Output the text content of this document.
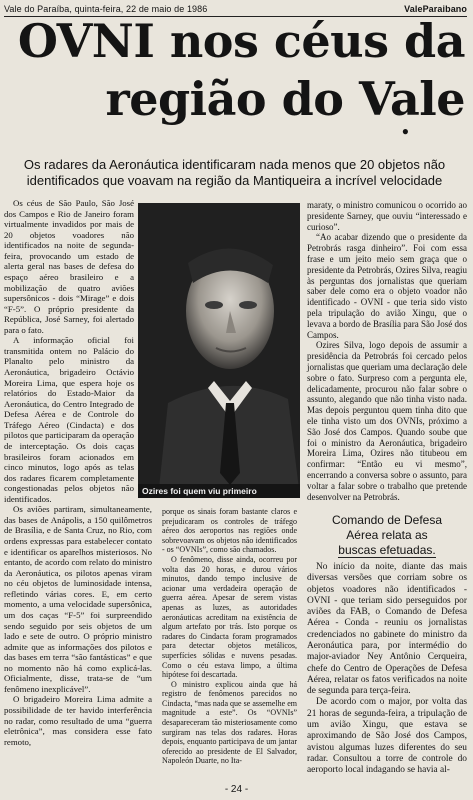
Vale do Paraíba, quinta-feira, 22 de maio de 1986	ValeParaibano
OVNI nos céus da
região do Vale
●
Os radares da Aeronáutica identificaram nada menos que 20 objetos não identificados que voavam na região da Mantiqueira a incrível velocidade

Os céus de São Paulo, São José dos Campos e Rio de Janeiro foram virtualmente invadidos por mais de 20 objetos voadores não identificados na noite de segunda-feira, provocando um estado de alerta geral nas bases de defesa do espaço aéreo brasileiro e a mobilização de quatro aviões supersônicos - dois “Mirage” e dois “F-5”. O próprio presidente da República, José Sarney, foi alertado para o fato.

A informação oficial foi transmitida ontem no Palácio do Planalto pelo ministro da Aeronáutica, brigadeiro Octávio Moreira Lima, que espera hoje os relatórios do Estado-Maior da Aeronáutica, do Centro Integrado de Defesa Aérea e de Controle do Tráfego Aéreo (Cindacta) e dos pilotos que participaram da operação de interceptação. Os dois caças brasileiros foram acionados em cinco minutos, logo após as telas dos radares ficarem completamente congestionadas pelos objetos não identificados.

Os aviões partiram, simultaneamente, das bases de Anápolis, a 150 quilômetros de Brasília, e de Santa Cruz, no Rio, com ordens expressas para estabelecer contato e identificar os aparelhos misteriosos. No entanto, de acordo com relato do ministro da Aeronáutica, os pilotos apenas viram no céu objetos de luminosidade intensa, refletindo várias cores. E, em certo momento, a uma velocidade supersônica, um dos caças “F-5” foi surpreendido sendo seguido por seis objetos de um lado e sete de outro. O próprio ministro admite que as informações dos pilotos e das bases em terra “são fantásticas” e que no momento não há como explicá-las. Oficialmente, disse, trata-se de “um fenômeno inexplicável”.

O brigadeiro Moreira Lima admite a possibilidade de ter havido interferência no radar, como resultado de uma “guerra eletrônica”, mas considera esse fato remoto,

Ozires foi quem viu primeiro

porque os sinais foram bastante claros e prejudicaram os controles de tráfego aéreo dos aeroportos nas regiões onde sobrevoavam os objetos não identificados - os “OVNIs”, como são chamados.

O fenômeno, disse ainda, ocorreu por volta das 20 horas, e durou vários minutos, dando tempo inclusive de acionar uma verdadeira operação de guerra aérea. Apesar de serem vistas apenas as luzes, as autoridades aeronáuticas acreditam na existência de algum artefato por trás. Isto porque os radares do Cindacta foram programados para detectar objetos metálicos, superfícies sólidas e nuvens pesadas. Como o céu estava limpo, a última hipótese foi descartada.

O ministro explicou ainda que há registro de fenômenos parecidos no Cindacta, “mas nada que se assemelhe em magnitude a este”. Os “OVNIs” desapareceram tão misteriosamente como surgiram nas telas dos radares. Horas depois, enquanto participava de um jantar oferecido ao presidente de El Salvador, Napoleón Duarte, no Ita-

maraty, o ministro comunicou o ocorrido ao presidente Sarney, que ouviu “interessado e curioso”.

“Ao acabar dizendo que o presidente da Petrobrás rasga dinheiro”. Foi com essa frase e um jeito meio sem graça que o presidente da Petrobrás, Ozires Silva, reagiu às perguntas dos jornalistas que queriam saber dele como era o objeto voador não identificado - OVNI - que teria sido visto pela tripulação do avião Xingu, que o levava a bordo de Brasília para São José dos Campos.

Ozires Silva, logo depois de assumir a presidência da Petrobrás foi cercado pelos jornalistas que queriam uma declaração dele sobre o fato. Surpreso com a pergunta ele, delicadamente, procurou não falar sobre o assunto, alegando que não tinha visto nada. Mas depois perguntou quem tinha dito que ele tinha visto um dos OVNIs, próximo a São José dos Campos. Quando soube que foi o ministro da Aeronáutica, brigadeiro Moreira Lima, Ozires não titubeou em confirmar: “Então eu vi mesmo”, encerrando a conversa sobre o assunto, para voltar a falar sobre o trabalho que pretende desenvolver na Petrobrás.

Comando de Defesa
Aérea relata as
buscas efetuadas.

No início da noite, diante das mais diversas versões que corriam sobre os objetos voadores não identificados - OVNI - que teriam sido perseguidos por aviões da FAB, o Comando de Defesa Aérea - Conda - reuniu os jornalistas credenciados no gabinete do ministro da Aeronáutica para, por intermédio do major-aviador Ney Antônio Cerqueira, chefe do Centro de Operações de Defesa Aérea, relatar os fatos verificados na noite de segunda para terça-feira.

De acordo com o major, por volta das 21 horas de segunda-feira, a tripulação de um avião Xingu, que estava se aproximando de São José dos Campos, avistou algumas luzes diferentes do seu radar. Consultou a torre de controle do aeroporto local indagando se havia al-

- 24 -
